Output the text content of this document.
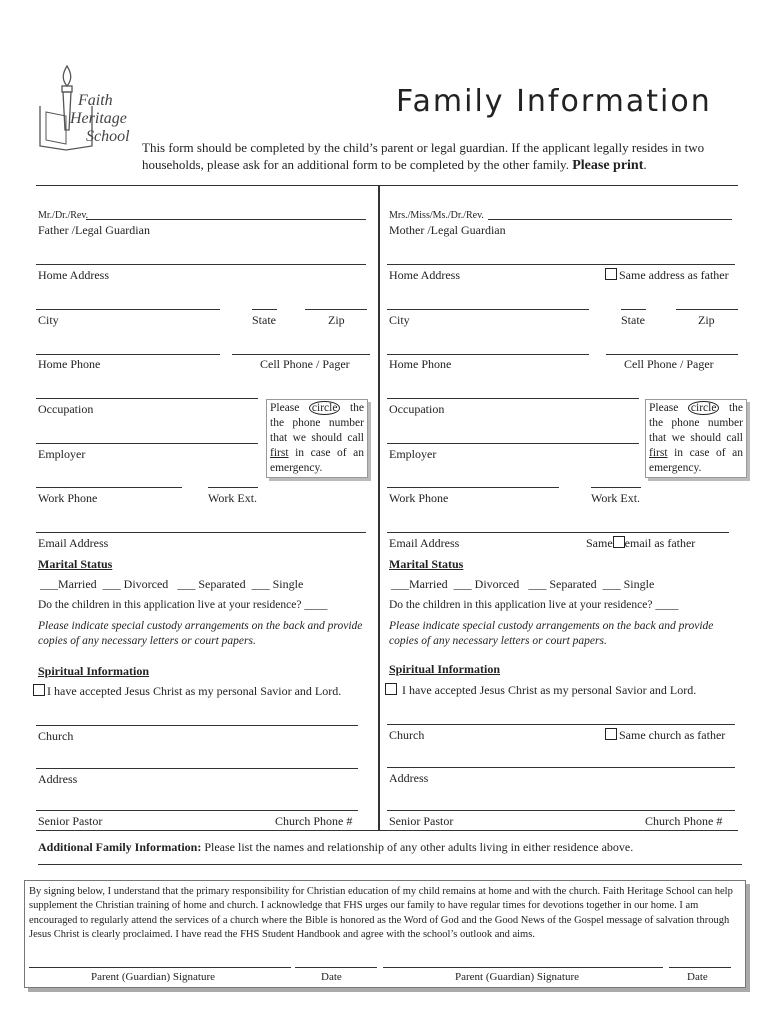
Faith
Heritage
School
Family Information
This form should be completed by the child’s parent or legal guardian. If the applicant legally resides in two households, please ask for an additional form to be completed by the other family. Please print.
Mr./Dr./Rev.
Father /Legal Guardian
Home Address
City	State	Zip
Home Phone	Cell Phone / Pager
Occupation
Employer
Please circle the the phone number that we should call first in case of an emergency.
Work Phone	Work Ext.
Email Address
Marital Status
___Married ___ Divorced ___ Separated ___ Single
Do the children in this application live at your residence? ____
Please indicate special custody arrangements on the back and provide copies of any necessary letters or court papers.
Spiritual Information
I have accepted Jesus Christ as my personal Savior and Lord.
Church
Address
Senior Pastor	Church Phone #
Mrs./Miss/Ms./Dr./Rev.
Mother /Legal Guardian
Home Address	Same address as father
City	State	Zip
Home Phone	Cell Phone / Pager
Occupation
Employer
Please circle the the phone number that we should call first in case of an emergency.
Work Phone	Work Ext.
Email Address	Same email as father
Marital Status
___Married ___ Divorced ___ Separated ___ Single
Do the children in this application live at your residence? ____
Please indicate special custody arrangements on the back and provide copies of any necessary letters or court papers.
Spiritual Information
I have accepted Jesus Christ as my personal Savior and Lord.
Church	Same church as father
Address
Senior Pastor	Church Phone #
Additional Family Information: Please list the names and relationship of any other adults living in either residence above.
By signing below, I understand that the primary responsibility for Christian education of my child remains at home and with the church. Faith Heritage School can help supplement the Christian training of home and church. I acknowledge that FHS urges our family to have regular times for devotions together in our home. I am encouraged to regularly attend the services of a church where the Bible is honored as the Word of God and the Good News of the Gospel message of salvation through Jesus Christ is clearly proclaimed. I have read the FHS Student Handbook and agree with the school’s outlook and aims.
Parent (Guardian) Signature	Date	Parent (Guardian) Signature	Date
